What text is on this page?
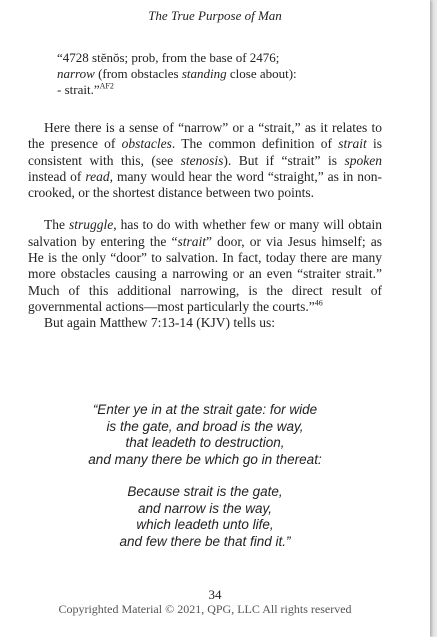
The True Purpose of Man
“4728 stĕnŏs; prob, from the base of 2476;
narrow (from obstacles standing close about):
- strait.”$^{AF2}$

Here there is a sense of “narrow” or a “strait,” as it relates to the presence of obstacles. The common definition of strait is consistent with this, (see stenosis). But if “strait” is spoken instead of read, many would hear the word “straight,” as in non-crooked, or the shortest distance between two points.

The struggle, has to do with whether few or many will obtain salvation by entering the “strait” door, or via Jesus himself; as He is the only “door” to salvation. In fact, today there are many more obstacles causing a narrowing or an even “straiter strait.” Much of this additional narrowing, is the direct result of governmental actions—most particularly the courts.”$^{46}$

But again Matthew 7:13-14 (KJV) tells us:

“Enter ye in at the strait gate: for wide
is the gate, and broad is the way,
that leadeth to destruction,
and many there be which go in thereat:
Because strait is the gate,
and narrow is the way,
which leadeth unto life,
and few there be that find it.”
34
Copyrighted Material © 2021, QPG, LLC All rights reserved
